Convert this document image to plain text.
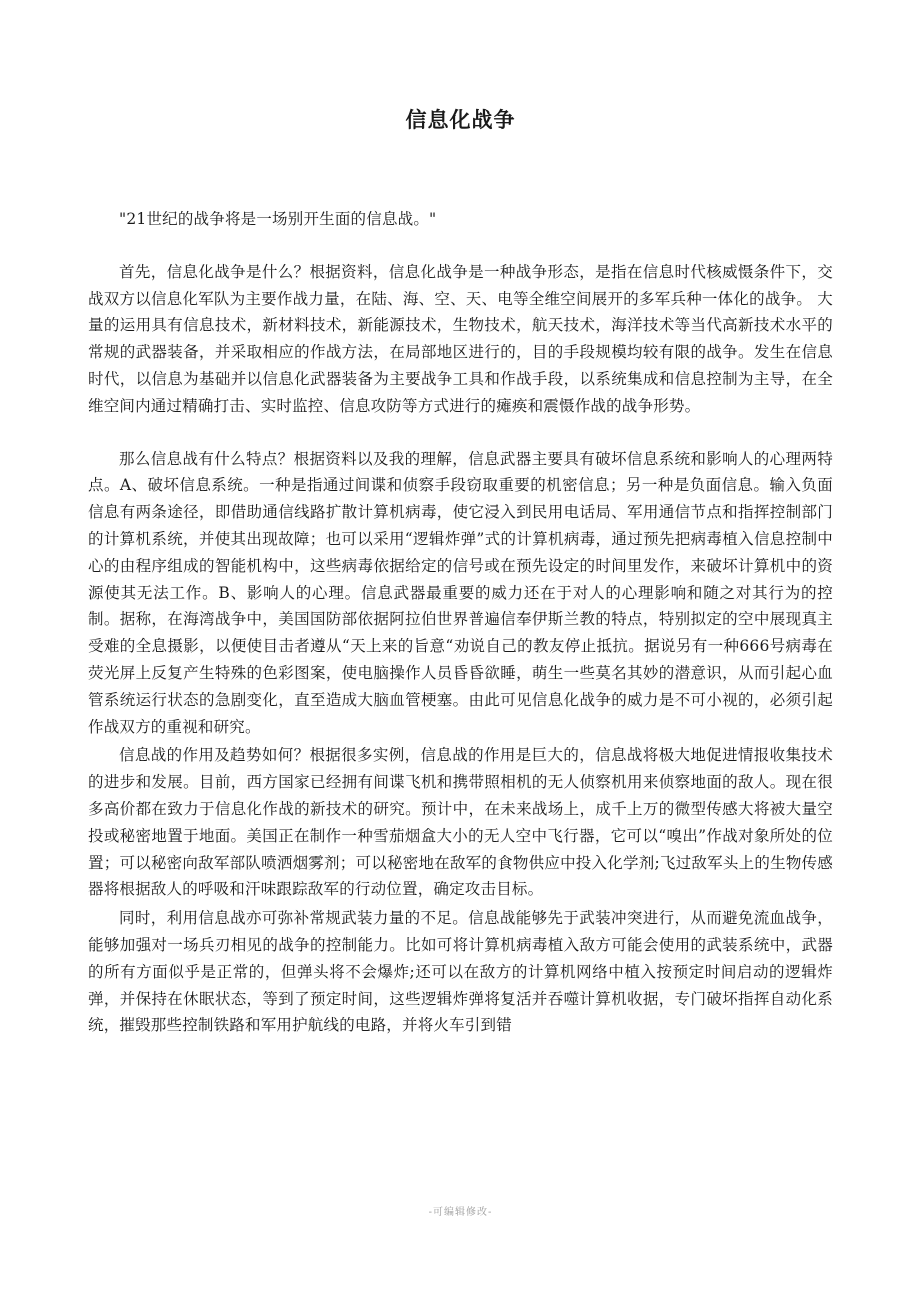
信息化战争

"21世纪的战争将是一场别开生面的信息战。"

首先，信息化战争是什么？根据资料，信息化战争是一种战争形态，是指在信息时代核威慑条件下，交战双方以信息化军队为主要作战力量，在陆、海、空、天、电等全维空间展开的多军兵种一体化的战争。 大量的运用具有信息技术，新材料技术，新能源技术，生物技术，航天技术，海洋技术等当代高新技术水平的常规的武器装备，并采取相应的作战方法，在局部地区进行的，目的手段规模均较有限的战争。发生在信息时代，以信息为基础并以信息化武器装备为主要战争工具和作战手段，以系统集成和信息控制为主导，在全维空间内通过精确打击、实时监控、信息攻防等方式进行的瘫痪和震慑作战的战争形势。

那么信息战有什么特点？根据资料以及我的理解，信息武器主要具有破坏信息系统和影响人的心理两特点。A、破坏信息系统。一种是指通过间谍和侦察手段窃取重要的机密信息；另一种是负面信息。输入负面信息有两条途径，即借助通信线路扩散计算机病毒，使它浸入到民用电话局、军用通信节点和指挥控制部门的计算机系统，并使其出现故障；也可以采用“逻辑炸弹”式的计算机病毒，通过预先把病毒植入信息控制中心的由程序组成的智能机构中，这些病毒依据给定的信号或在预先设定的时间里发作，来破坏计算机中的资源使其无法工作。B、影响人的心理。信息武器最重要的威力还在于对人的心理影响和随之对其行为的控制。据称，在海湾战争中，美国国防部依据阿拉伯世界普遍信奉伊斯兰教的特点，特别拟定的空中展现真主受难的全息摄影，以便使目击者遵从“天上来的旨意“劝说自己的教友停止抵抗。据说另有一种666号病毒在荧光屏上反复产生特殊的色彩图案，使电脑操作人员昏昏欲睡，萌生一些莫名其妙的潜意识，从而引起心血管系统运行状态的急剧变化，直至造成大脑血管梗塞。由此可见信息化战争的威力是不可小视的，必须引起作战双方的重视和研究。

信息战的作用及趋势如何？根据很多实例，信息战的作用是巨大的，信息战将极大地促进情报收集技术的进步和发展。目前，西方国家已经拥有间谍飞机和携带照相机的无人侦察机用来侦察地面的敌人。现在很多高价都在致力于信息化作战的新技术的研究。预计中，在未来战场上，成千上万的微型传感大将被大量空投或秘密地置于地面。美国正在制作一种雪茄烟盒大小的无人空中飞行器，它可以“嗅出”作战对象所处的位置；可以秘密向敌军部队喷洒烟雾剂；可以秘密地在敌军的食物供应中投入化学剂;飞过敌军头上的生物传感器将根据敌人的呼吸和汗味跟踪敌军的行动位置，确定攻击目标。

同时，利用信息战亦可弥补常规武装力量的不足。信息战能够先于武装冲突进行，从而避免流血战争，能够加强对一场兵刃相见的战争的控制能力。比如可将计算机病毒植入敌方可能会使用的武装系统中，武器的所有方面似乎是正常的，但弹头将不会爆炸;还可以在敌方的计算机网络中植入按预定时间启动的逻辑炸弹，并保持在休眠状态，等到了预定时间，这些逻辑炸弹将复活并吞噬计算机收据，专门破坏指挥自动化系统，摧毁那些控制铁路和军用护航线的电路，并将火车引到错

-可编辑修改-
